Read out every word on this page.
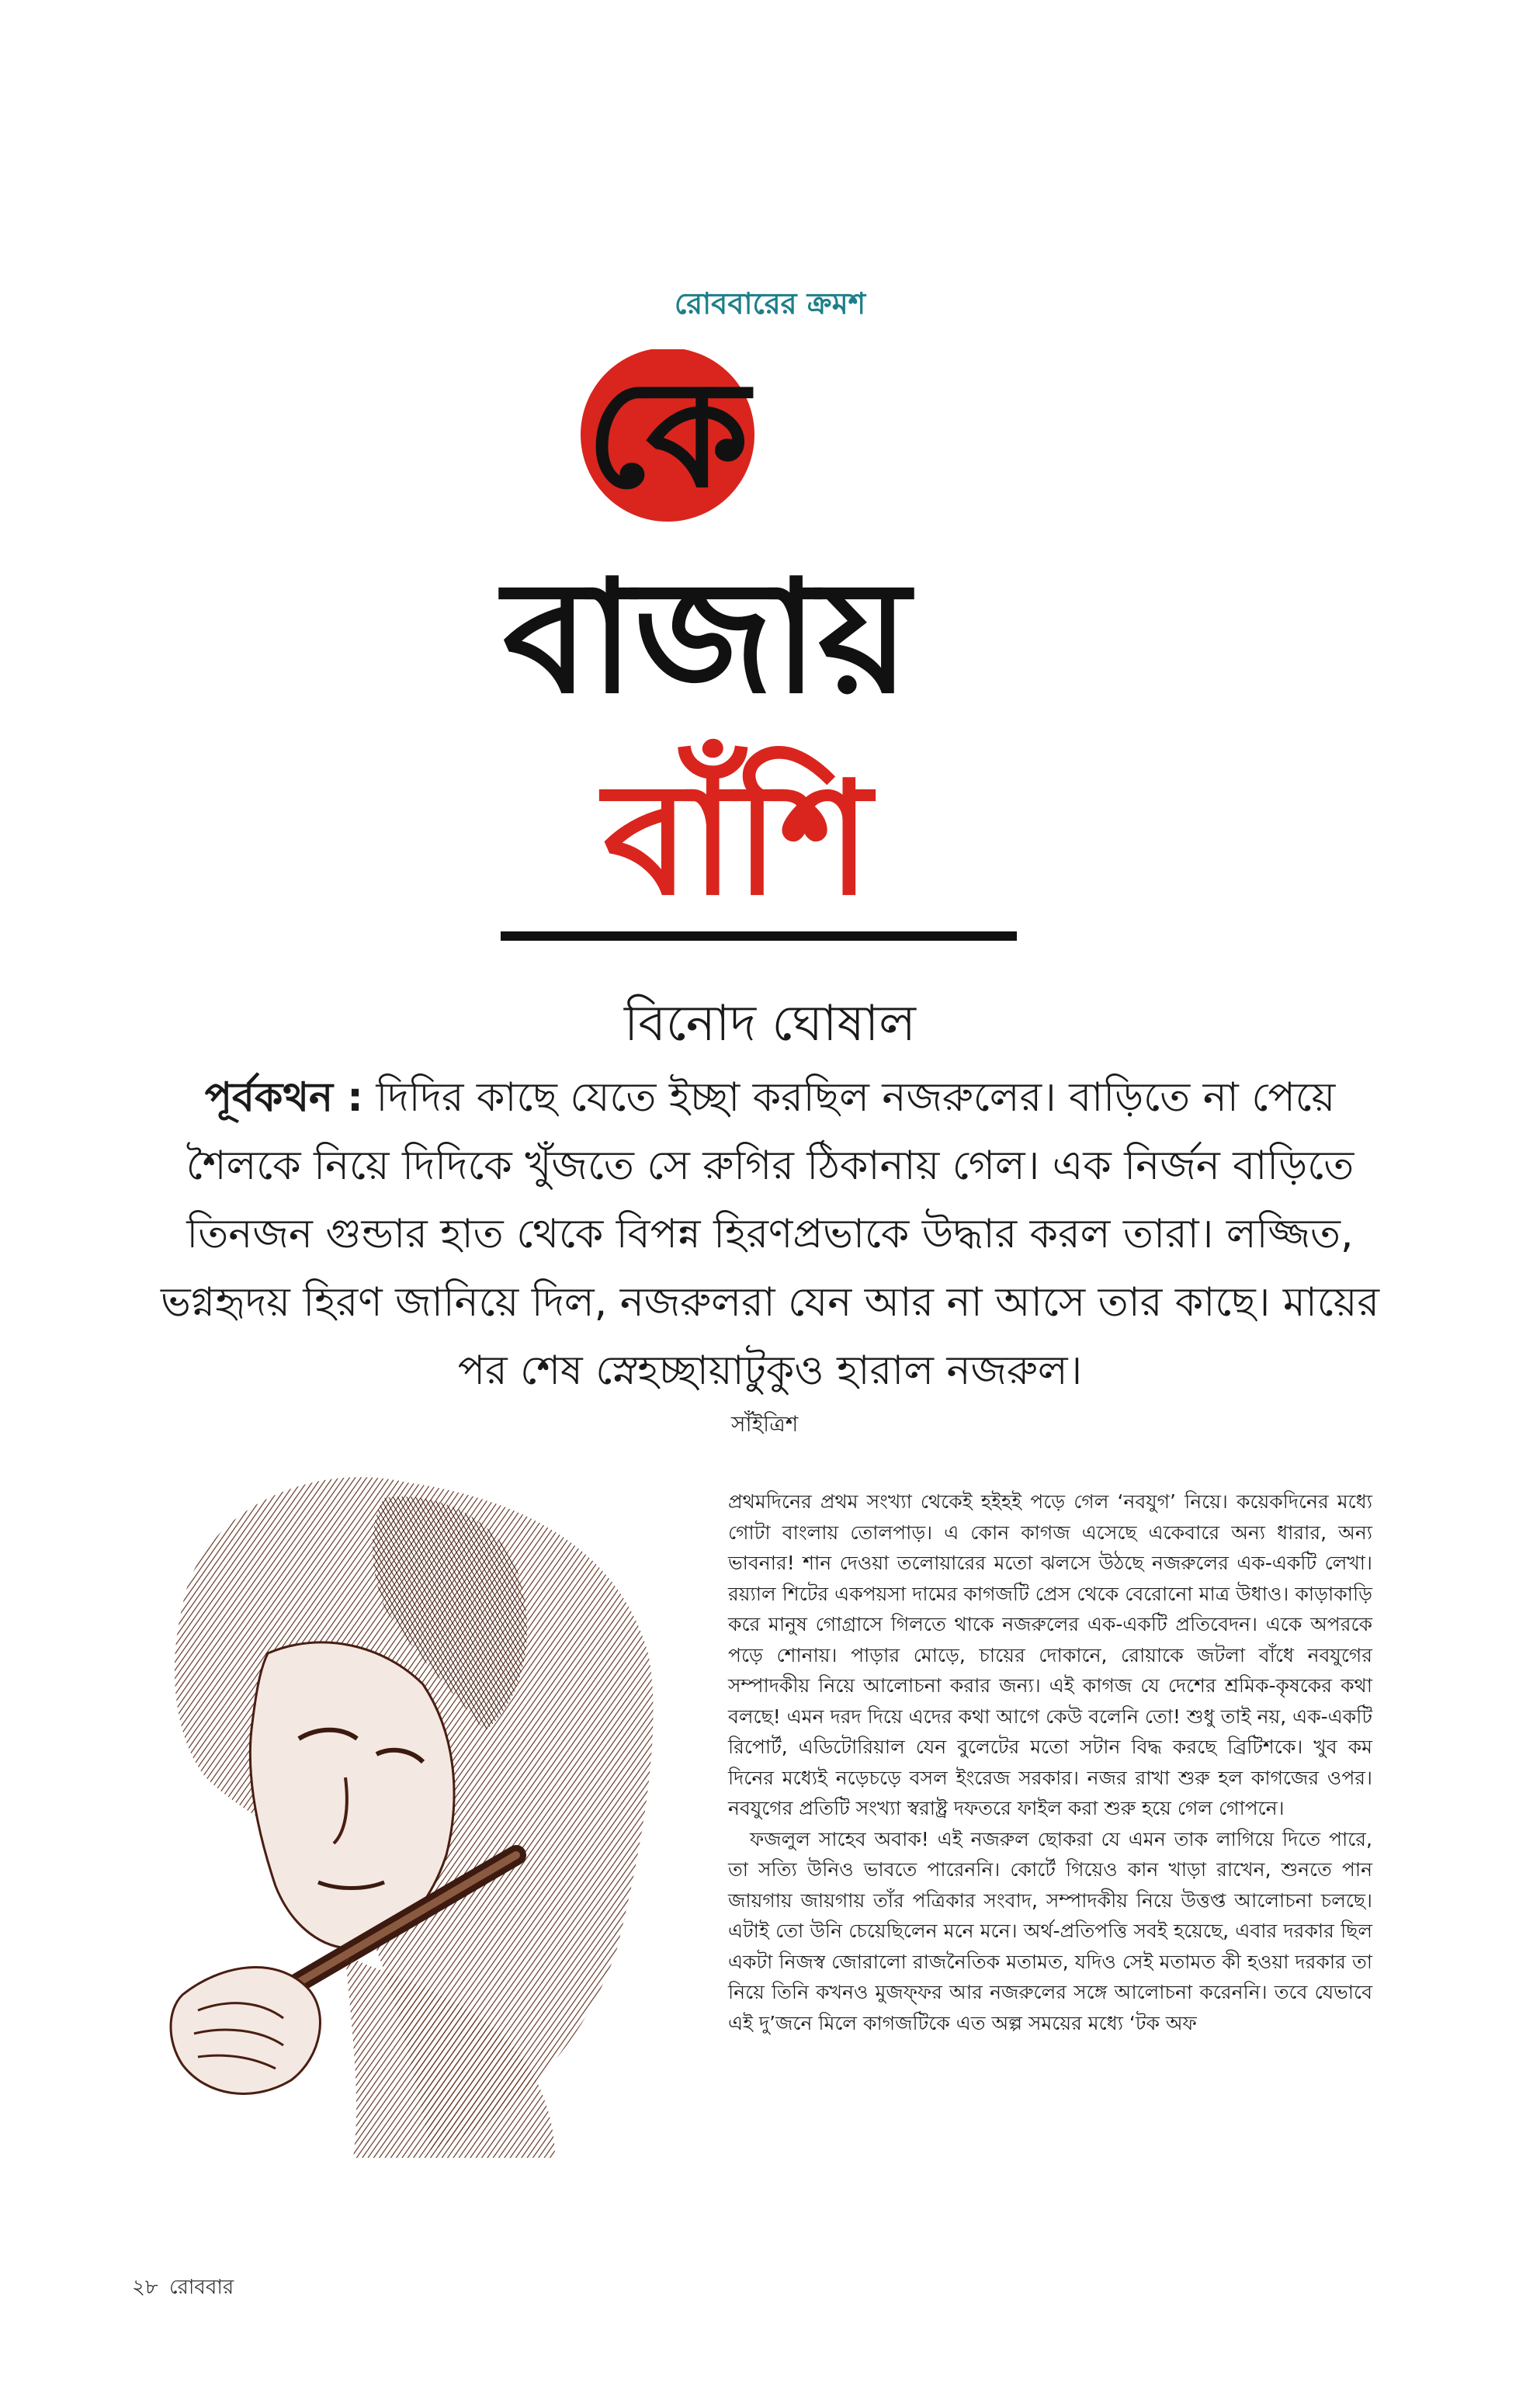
রোববারের ক্রমশ
কে
বাজায়
বাঁশি
বিনোদ ঘোষাল
পূর্বকথন : দিদির কাছে যেতে ইচ্ছা করছিল নজরুলের। বাড়িতে না পেয়ে শৈলকে নিয়ে দিদিকে খুঁজতে সে রুগির ঠিকানায় গেল। এক নির্জন বাড়িতে তিনজন গুন্ডার হাত থেকে বিপন্ন হিরণপ্রভাকে উদ্ধার করল তারা। লজ্জিত, ভগ্নহৃদয় হিরণ জানিয়ে দিল, নজরুলরা যেন আর না আসে তার কাছে। মায়ের পর শেষ স্নেহচ্ছায়াটুকুও হারাল নজরুল।
সাঁইত্রিশ

প্রথমদিনের প্রথম সংখ্যা থেকেই হইহই পড়ে গেল ‘নবযুগ’ নিয়ে। কয়েকদিনের মধ্যে গোটা বাংলায় তোলপাড়। এ কোন কাগজ এসেছে একেবারে অন্য ধারার, অন্য ভাবনার! শান দেওয়া তলোয়ারের মতো ঝলসে উঠছে নজরুলের এক-একটি লেখা। রয়্যাল শিটের একপয়সা দামের কাগজটি প্রেস থেকে বেরোনো মাত্র উধাও। কাড়াকাড়ি করে মানুষ গোগ্রাসে গিলতে থাকে নজরুলের এক-একটি প্রতিবেদন। একে অপরকে পড়ে শোনায়। পাড়ার মোড়ে, চায়ের দোকানে, রোয়াকে জটলা বাঁধে নবযুগের সম্পাদকীয় নিয়ে আলোচনা করার জন্য। এই কাগজ যে দেশের শ্রমিক-কৃষকের কথা বলছে! এমন দরদ দিয়ে এদের কথা আগে কেউ বলেনি তো! শুধু তাই নয়, এক-একটি রিপোর্ট, এডিটোরিয়াল যেন বুলেটের মতো সটান বিদ্ধ করছে ব্রিটিশকে। খুব কম দিনের মধ্যেই নড়েচড়ে বসল ইংরেজ সরকার। নজর রাখা শুরু হল কাগজের ওপর। নবযুগের প্রতিটি সংখ্যা স্বরাষ্ট্র দফতরে ফাইল করা শুরু হয়ে গেল গোপনে।

ফজলুল সাহেব অবাক! এই নজরুল ছোকরা যে এমন তাক লাগিয়ে দিতে পারে, তা সত্যি উনিও ভাবতে পারেননি। কোর্টে গিয়েও কান খাড়া রাখেন, শুনতে পান জায়গায় জায়গায় তাঁর পত্রিকার সংবাদ, সম্পাদকীয় নিয়ে উত্তপ্ত আলোচনা চলছে। এটাই তো উনি চেয়েছিলেন মনে মনে। অর্থ-প্রতিপত্তি সবই হয়েছে, এবার দরকার ছিল একটা নিজস্ব জোরালো রাজনৈতিক মতামত, যদিও সেই মতামত কী হওয়া দরকার তা নিয়ে তিনি কখনও মুজফ্ফর আর নজরুলের সঙ্গে আলোচনা করেননি। তবে যেভাবে এই দু’জনে মিলে কাগজটিকে এত অল্প সময়ের মধ্যে ‘টক অফ

২৮ রোববার
